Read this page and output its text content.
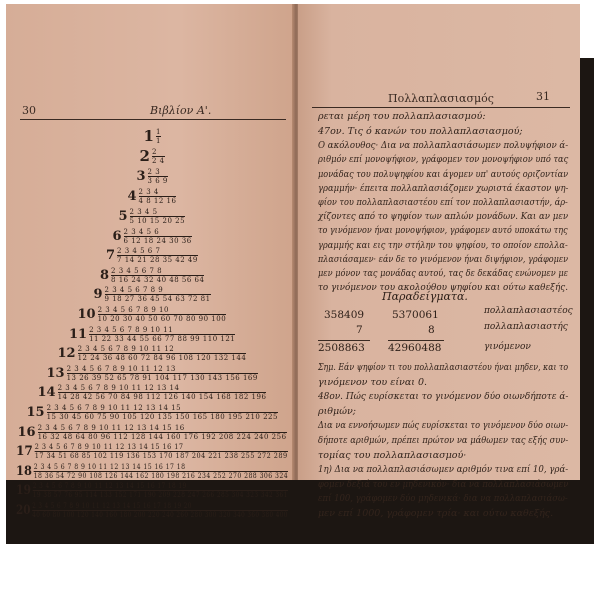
30	Βιβλίον Α'.
1 1
1
2 2
2 4
3 2 3
3 6 9
4 2 3 4
4 8 12 16
5 2 3 4 5
5 10 15 20 25
6 2 3 4 5 6
6 12 18 24 30 36
7 2 3 4 5 6 7
7 14 21 28 35 42 49
8 2 3 4 5 6 7 8
8 16 24 32 40 48 56 64
9 2 3 4 5 6 7 8 9
9 18 27 36 45 54 63 72 81
10 2 3 4 5 6 7 8 9 10
10 20 30 40 50 60 70 80 90 100
11 2 3 4 5 6 7 8 9 10 11
11 22 33 44 55 66 77 88 99 110 121
12 2 3 4 5 6 7 8 9 10 11 12
12 24 36 48 60 72 84 96 108 120 132 144
13 2 3 4 5 6 7 8 9 10 11 12 13
13 26 39 52 65 78 91 104 117 130 143 156 169
14 2 3 4 5 6 7 8 9 10 11 12 13 14
14 28 42 56 70 84 98 112 126 140 154 168 182 196
15 2 3 4 5 6 7 8 9 10 11 12 13 14 15
15 30 45 60 75 90 105 120 135 150 165 180 195 210 225
16 2 3 4 5 6 7 8 9 10 11 12 13 14 15 16
16 32 48 64 80 96 112 128 144 160 176 192 208 224 240 256
17 2 3 4 5 6 7 8 9 10 11 12 13 14 15 16 17
17 34 51 68 85 102 119 136 153 170 187 204 221 238 255 272 289
18 2 3 4 5 6 7 8 9 10 11 12 13 14 15 16 17 18
18 36 54 72 90 108 126 144 162 180 198 216 234 252 270 288 306 324
19 2 3 4 5 6 7 8 9 10 11 12 13 14 15 16 17 18 19
19 38 57 76 95 114 133 152 171 190 209 228 247 266 285 304 323 342 361
20 2 3 4 5 6 7 8 9 10 11 12 13 14 15 16 17 18 19 20
40 60 80 100 120 140 160 180 200 220 240 260 280 300 320 340 360 380 400
Πολλαπλασιασμός	31
ρεται μέρη του πολλαπλασιασμού:
47ον. Τις ό κανών του πολλαπλασιασμού;
Ο ακόλουθος· Δια να πολλαπλασιάσωμεν πολυψήφιον ά-
ριθμόν επί μονοψήφιον, γράφομεν τον μονοψήφιον υπό τας
μονάδας του πολυψηφίου και άγομεν υπ' αυτούς οριζοντίαν
γραμμήν· έπειτα πολλαπλασιάζομεν χωριστά έκαστον ψη-
φίον του πολλαπλασιαστέου επί τον πολλαπλασιαστήν, άρ-
χίζοντες από το ψηφίον των απλών μονάδων. Και αν μεν
το γινόμενον ήναι μονοψήφιον, γράφομεν αυτό υποκάτω της
γραμμής και εις την στήλην του ψηφίου, το οποίον επολλα-
πλασιάσαμεν· εάν δε το γινόμενον ήναι διψήφιον, γράφομεν
μεν μόνον τας μονάδας αυτού, τας δε δεκάδας ενώνομεν με
το γινόμενον του ακολούθου ψηφίου και ούτω καθεξής.
Παραδείγματα.
358409
7
2508863
5370061
8
42960488
πολλαπλασιαστέος
πολλαπλασιαστής
γινόμενον
Σημ. Εάν ψηφίον τι του πολλαπλασιαστέου ήναι μηδεν, και το
γινόμενον του είναι 0.
48ον. Πώς ευρίσκεται το γινόμενον δύο οιωνδήποτε ά-
ριθμών;
Δια να εννοήσωμεν πώς ευρίσκεται το γινόμενον δύο οιων-
δήποτε αριθμών, πρέπει πρώτον να μάθωμεν τας εξής συν-
τομίας του πολλαπλασιασμού·
1η) Δια να πολλαπλασιάσωμεν αριθμόν τινα επί 10, γρά-
φομεν δεξιά του εν μηδενικόν· δια να πολλαπλασιάσωμεν
επί 100, γράφομεν δύο μηδενικά· δια να πολλαπλασιάσω-
μεν επί 1000, γράφομεν τρία· και ούτω καθεξής.
